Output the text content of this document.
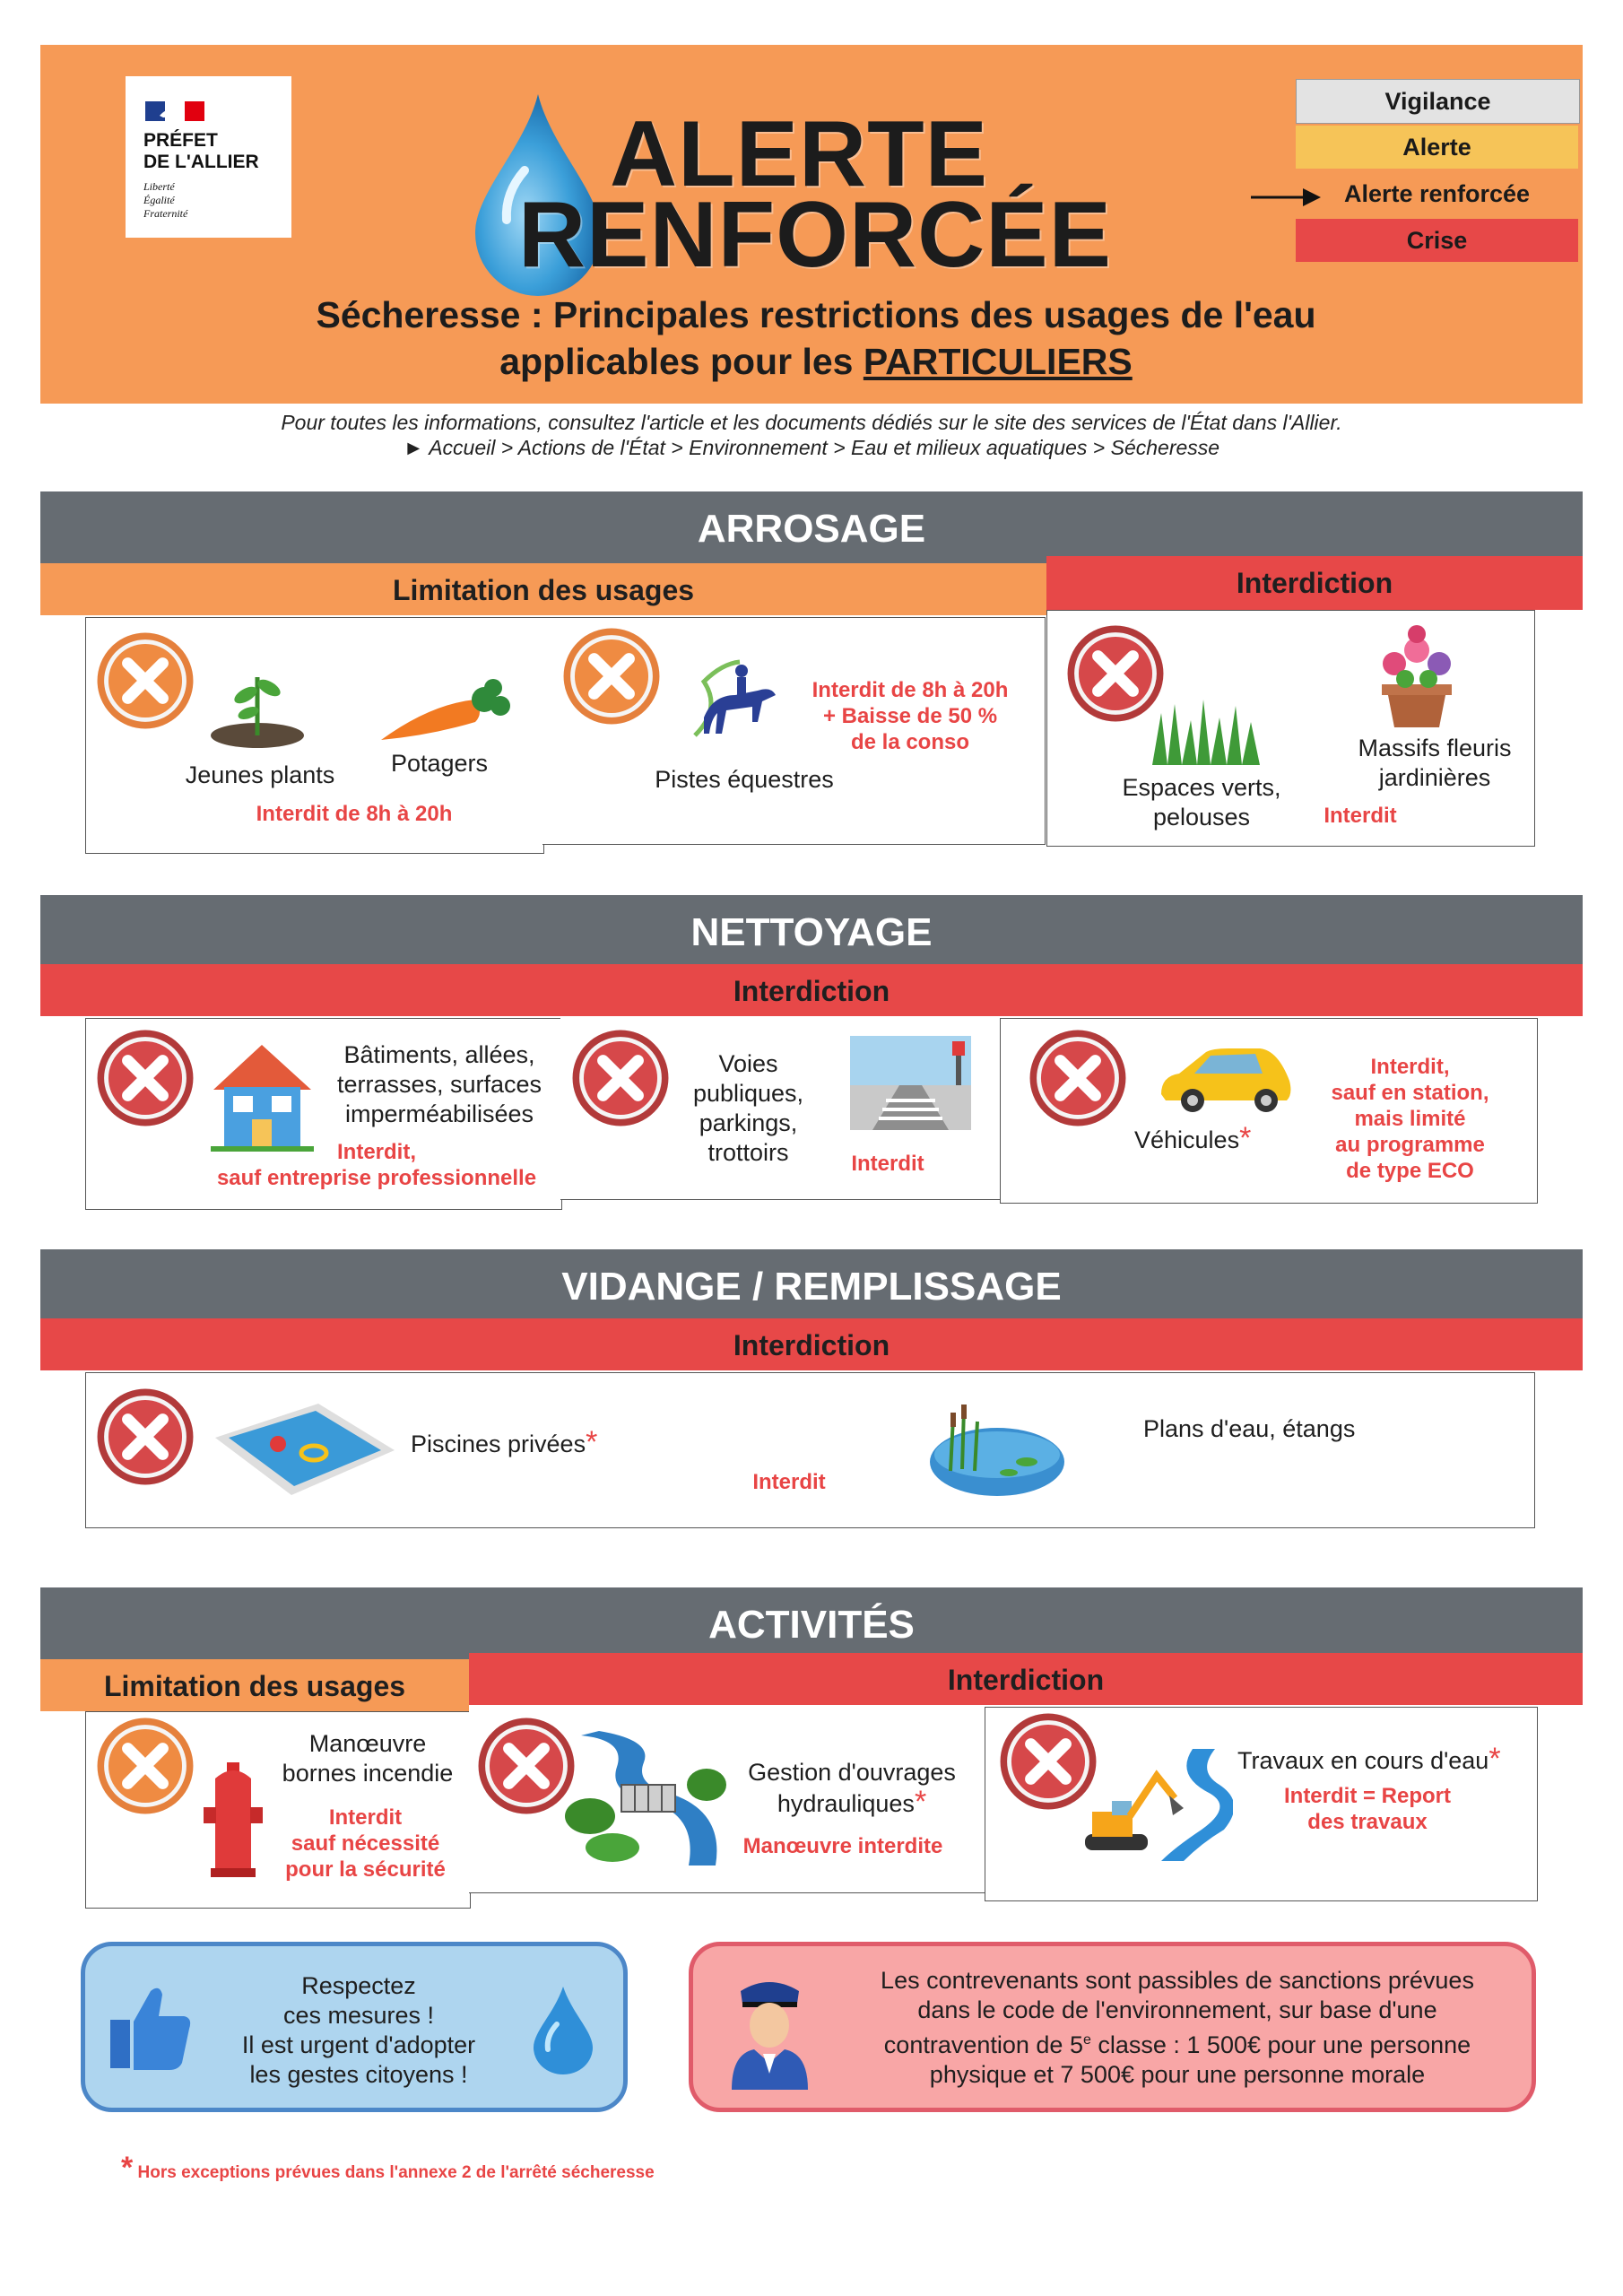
PRÉFET
DE L'ALLIER
Liberté
Égalité
Fraternité
ALERTE
RENFORCÉE
Sécheresse : Principales restrictions des usages de l'eau
applicables pour les PARTICULIERS
Vigilance
Alerte
Alerte renforcée
Crise
Pour toutes les informations, consultez l'article et les documents dédiés sur le site des services de l'État dans l'Allier.
► Accueil > Actions de l'État > Environnement > Eau et milieux aquatiques > Sécheresse
ARROSAGE
Limitation des usages	Interdiction
Jeunes plants	Potagers
Interdit de 8h à 20h
Interdit de 8h à 20h
+ Baisse de 50 %
de la conso
Pistes équestres	Espaces verts,
pelouses
Massifs fleuris
jardinières
Interdit
NETTOYAGE
Interdiction
Bâtiments, allées,
terrasses, surfaces
imperméabilisées
Interdit,
sauf entreprise professionnelle
Voies
publiques,
parkings,
trottoirs	Interdit
Véhicules*
Interdit,
sauf en station,
mais limité
au programme
de type ECO
VIDANGE / REMPLISSAGE
Interdiction
Piscines privées*
Interdit
Plans d'eau, étangs
ACTIVITÉS
Limitation des usages	Interdiction
Manœuvre
bornes incendie
Interdit
sauf nécessité
pour la sécurité
Gestion d'ouvrages
hydrauliques*
Manœuvre interdite
Travaux en cours d'eau*
Interdit = Report
des travaux
Respectez
ces mesures !
Il est urgent d'adopter
les gestes citoyens !
Les contrevenants sont passibles de sanctions prévues
dans le code de l'environnement, sur base d'une
contravention de 5e classe : 1 500€ pour une personne
physique et 7 500€ pour une personne morale
* Hors exceptions prévues dans l'annexe 2 de l'arrêté sécheresse
